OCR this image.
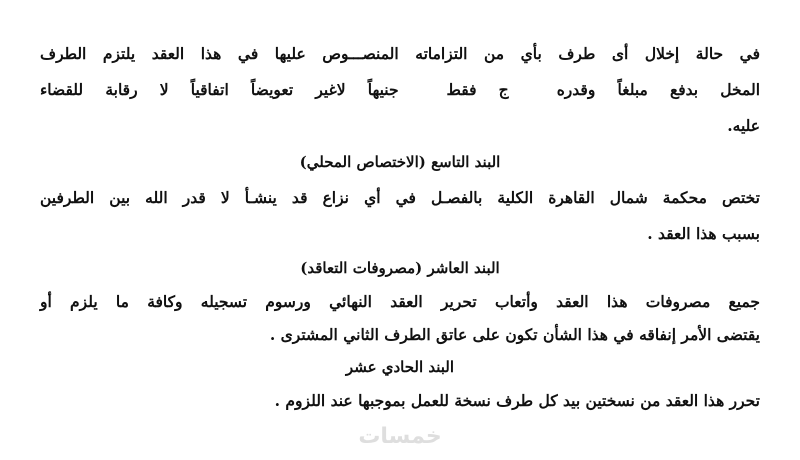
في حالة إخلال أى طرف بأي من التزاماته المنصـــوص عليها في هذا العقد يلتزم الطرف
المخل بدفع مبلغاً وقدرهج فقطجنيهاً لاغير تعويضاً اتفاقياً لا رقابة للقضاء
عليه.
البند التاسع (الاختصاص المحلي)
تختص محكمة شمال القاهرة الكلية بالفصـل في أي نزاع قد ينشـأ لا قدر الله بين الطرفين
بسبب هذا العقد .
البند العاشر (مصروفات التعاقد)
جميع مصروفات هذا العقد وأتعاب تحرير العقد النهائي ورسوم تسجيله وكافة ما يلزم أو
يقتضى الأمر إنفاقه في هذا الشأن تكون على عاتق الطرف الثاني المشترى .
البند الحادي عشر
تحرر هذا العقد من نسختين بيد كل طرف نسخة للعمل بموجبها عند اللزوم .
خمسات
